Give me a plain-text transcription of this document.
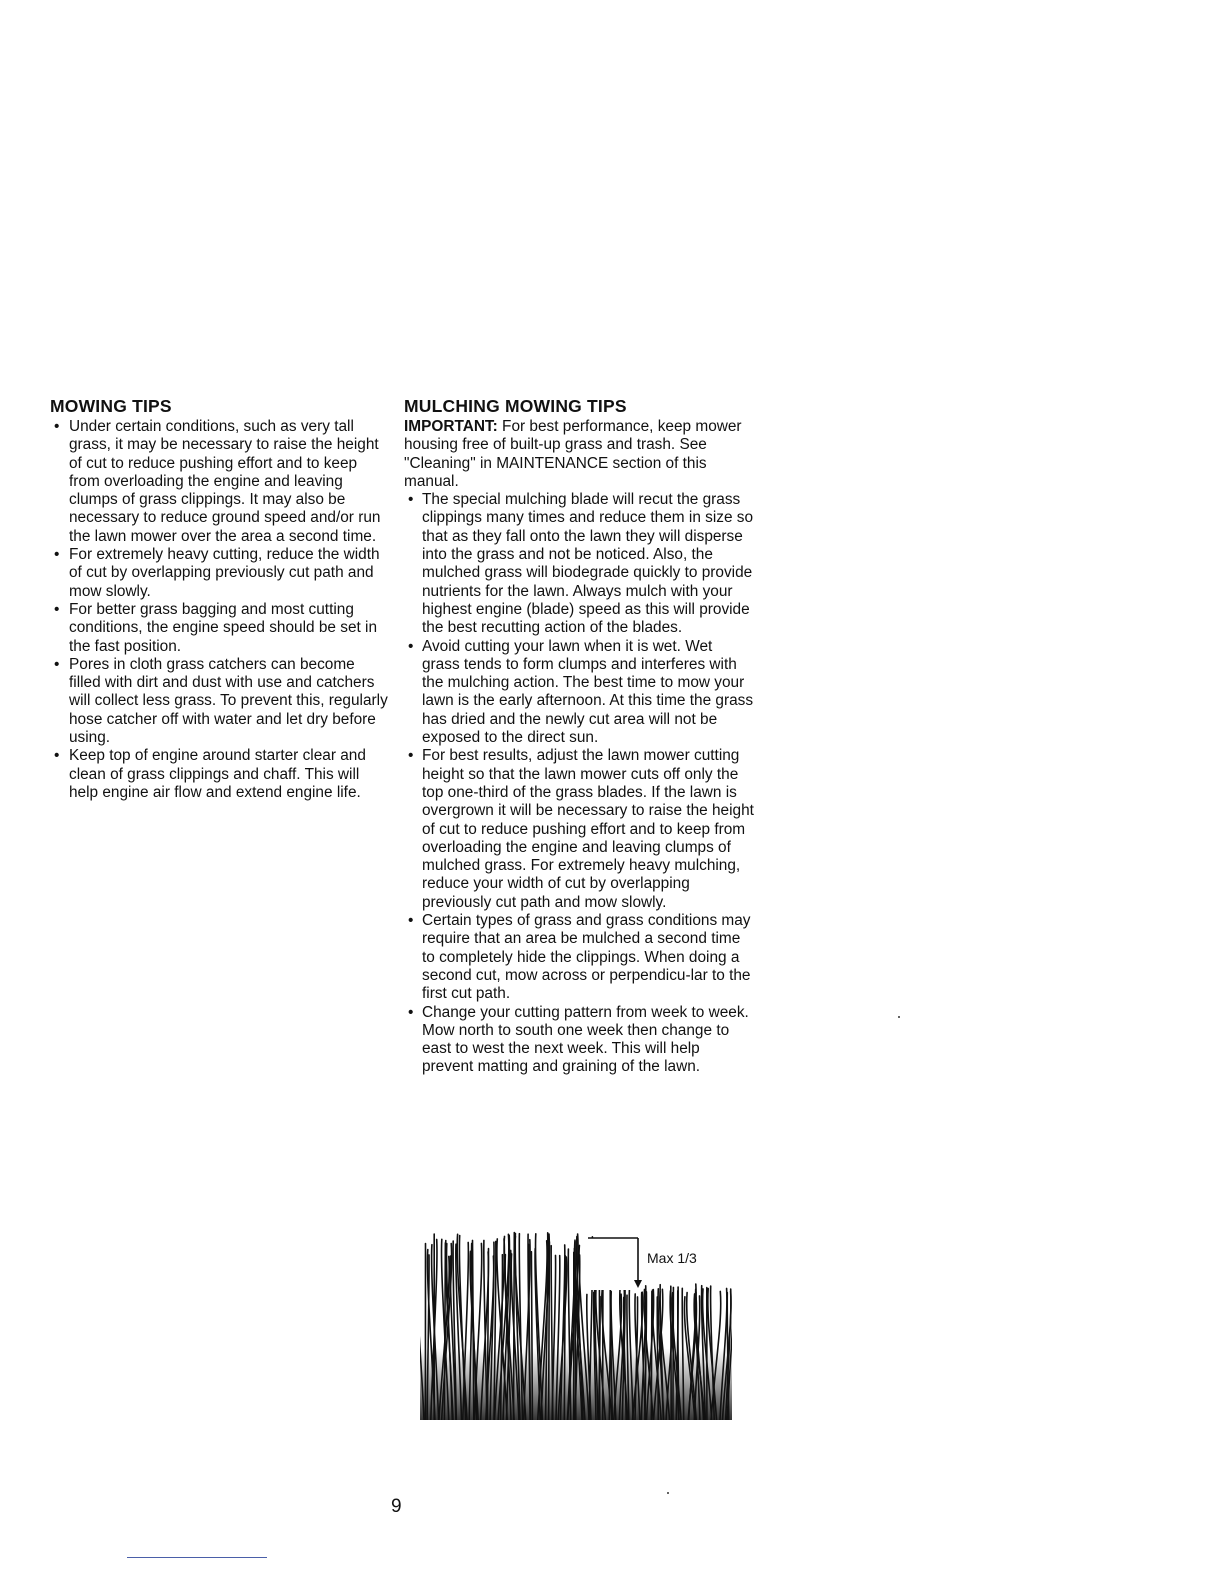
MOWING TIPS
• Under certain conditions, such as very tall grass, it may be necessary to raise the height of cut to reduce pushing effort and to keep from overloading the engine and leaving clumps of grass clippings. It may also be necessary to reduce ground speed and/or run the lawn mower over the area a second time.
• For extremely heavy cutting, reduce the width of cut by overlapping previously cut path and mow slowly.
• For better grass bagging and most cutting conditions, the engine speed should be set in the fast position.
• Pores in cloth grass catchers can become filled with dirt and dust with use and catchers will collect less grass. To prevent this, regularly hose catcher off with water and let dry before using.
• Keep top of engine around starter clear and clean of grass clippings and chaff. This will help engine air flow and extend engine life.
MULCHING MOWING TIPS

IMPORTANT: For best performance, keep mower housing free of built-up grass and trash. See "Cleaning" in MAINTENANCE section of this manual.

• The special mulching blade will recut the grass clippings many times and reduce them in size so that as they fall onto the lawn they will disperse into the grass and not be noticed. Also, the mulched grass will biodegrade quickly to provide nutrients for the lawn. Always mulch with your highest engine (blade) speed as this will provide the best recutting action of the blades.
• Avoid cutting your lawn when it is wet. Wet grass tends to form clumps and interferes with the mulching action. The best time to mow your lawn is the early afternoon. At this time the grass has dried and the newly cut area will not be exposed to the direct sun.
• For best results, adjust the lawn mower cutting height so that the lawn mower cuts off only the top one-third of the grass blades. If the lawn is overgrown it will be necessary to raise the height of cut to reduce pushing effort and to keep from overloading the engine and leaving clumps of mulched grass. For extremely heavy mulching, reduce your width of cut by overlapping previously cut path and mow slowly.
• Certain types of grass and grass conditions may require that an area be mulched a second time to completely hide the clippings. When doing a second cut, mow across or perpendicu-lar to the first cut path.
• Change your cutting pattern from week to week. Mow north to south one week then change to east to west the next week. This will help prevent matting and graining of the lawn.
Max 1/3
9
